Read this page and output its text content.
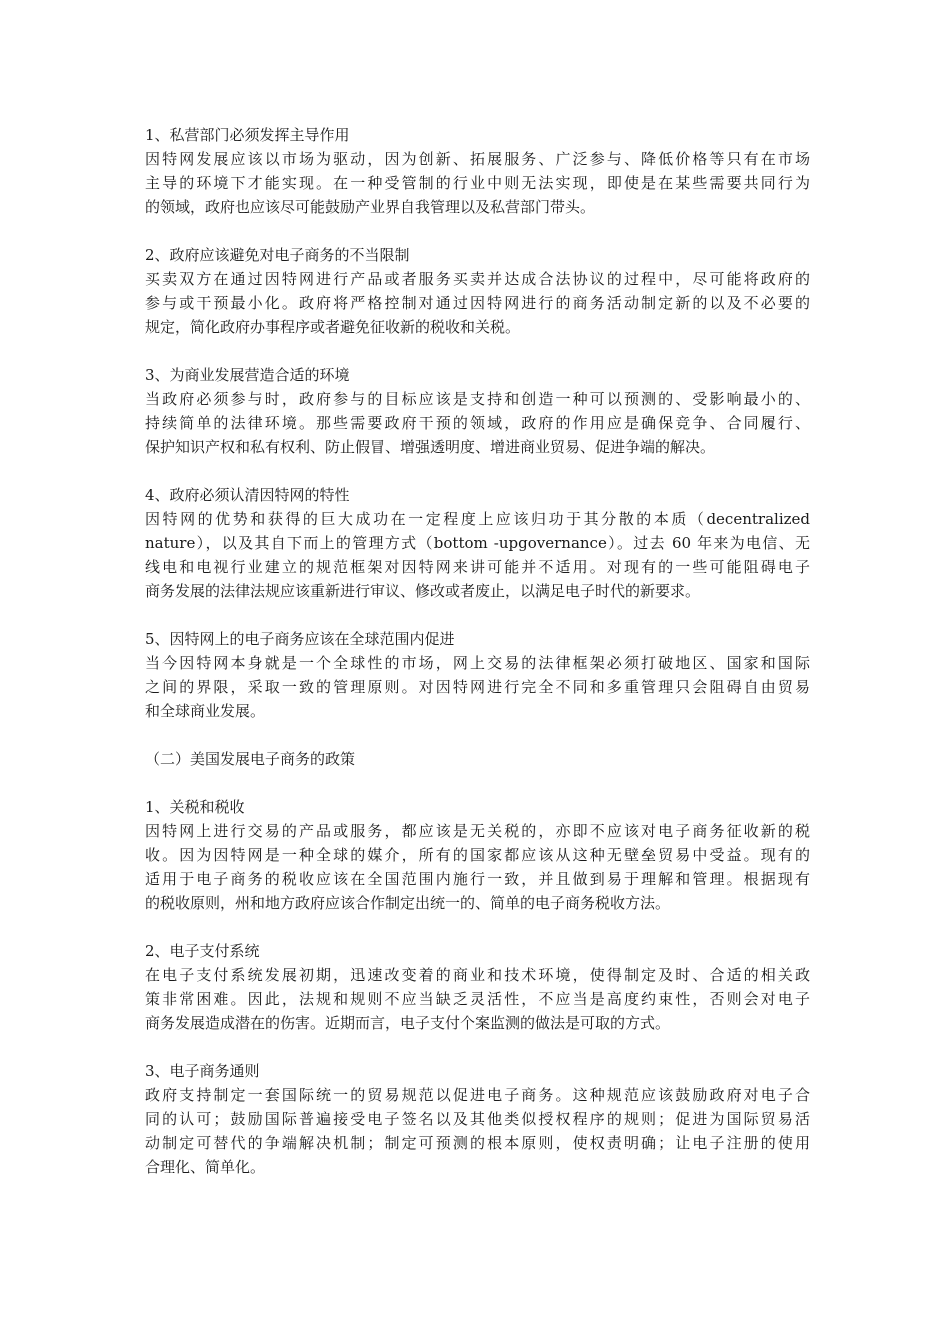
1、私营部门必须发挥主导作用
因特网发展应该以市场为驱动，因为创新、拓展服务、广泛参与、降低价格等只有在市场
主导的环境下才能实现。在一种受管制的行业中则无法实现，即使是在某些需要共同行为
的领域，政府也应该尽可能鼓励产业界自我管理以及私营部门带头。
2、政府应该避免对电子商务的不当限制
买卖双方在通过因特网进行产品或者服务买卖并达成合法协议的过程中，尽可能将政府的
参与或干预最小化。政府将严格控制对通过因特网进行的商务活动制定新的以及不必要的
规定，简化政府办事程序或者避免征收新的税收和关税。
3、为商业发展营造合适的环境
当政府必须参与时，政府参与的目标应该是支持和创造一种可以预测的、受影响最小的、
持续简单的法律环境。那些需要政府干预的领域，政府的作用应是确保竞争、合同履行、
保护知识产权和私有权利、防止假冒、增强透明度、增进商业贸易、促进争端的解决。
4、政府必须认清因特网的特性
因特网的优势和获得的巨大成功在一定程度上应该归功于其分散的本质（decentralized
nature），以及其自下而上的管理方式（bottom -upgovernance）。过去 60 年来为电信、无
线电和电视行业建立的规范框架对因特网来讲可能并不适用。对现有的一些可能阻碍电子
商务发展的法律法规应该重新进行审议、修改或者废止，以满足电子时代的新要求。
5、因特网上的电子商务应该在全球范围内促进
当今因特网本身就是一个全球性的市场，网上交易的法律框架必须打破地区、国家和国际
之间的界限，采取一致的管理原则。对因特网进行完全不同和多重管理只会阻碍自由贸易
和全球商业发展。
（二）美国发展电子商务的政策
1、关税和税收
因特网上进行交易的产品或服务，都应该是无关税的，亦即不应该对电子商务征收新的税
收。因为因特网是一种全球的媒介，所有的国家都应该从这种无壁垒贸易中受益。现有的
适用于电子商务的税收应该在全国范围内施行一致，并且做到易于理解和管理。根据现有
的税收原则，州和地方政府应该合作制定出统一的、简单的电子商务税收方法。
2、电子支付系统
在电子支付系统发展初期，迅速改变着的商业和技术环境，使得制定及时、合适的相关政
策非常困难。因此，法规和规则不应当缺乏灵活性，不应当是高度约束性，否则会对电子
商务发展造成潜在的伤害。近期而言，电子支付个案监测的做法是可取的方式。
3、电子商务通则
政府支持制定一套国际统一的贸易规范以促进电子商务。这种规范应该鼓励政府对电子合
同的认可；鼓励国际普遍接受电子签名以及其他类似授权程序的规则；促进为国际贸易活
动制定可替代的争端解决机制；制定可预测的根本原则，使权责明确；让电子注册的使用
合理化、简单化。
